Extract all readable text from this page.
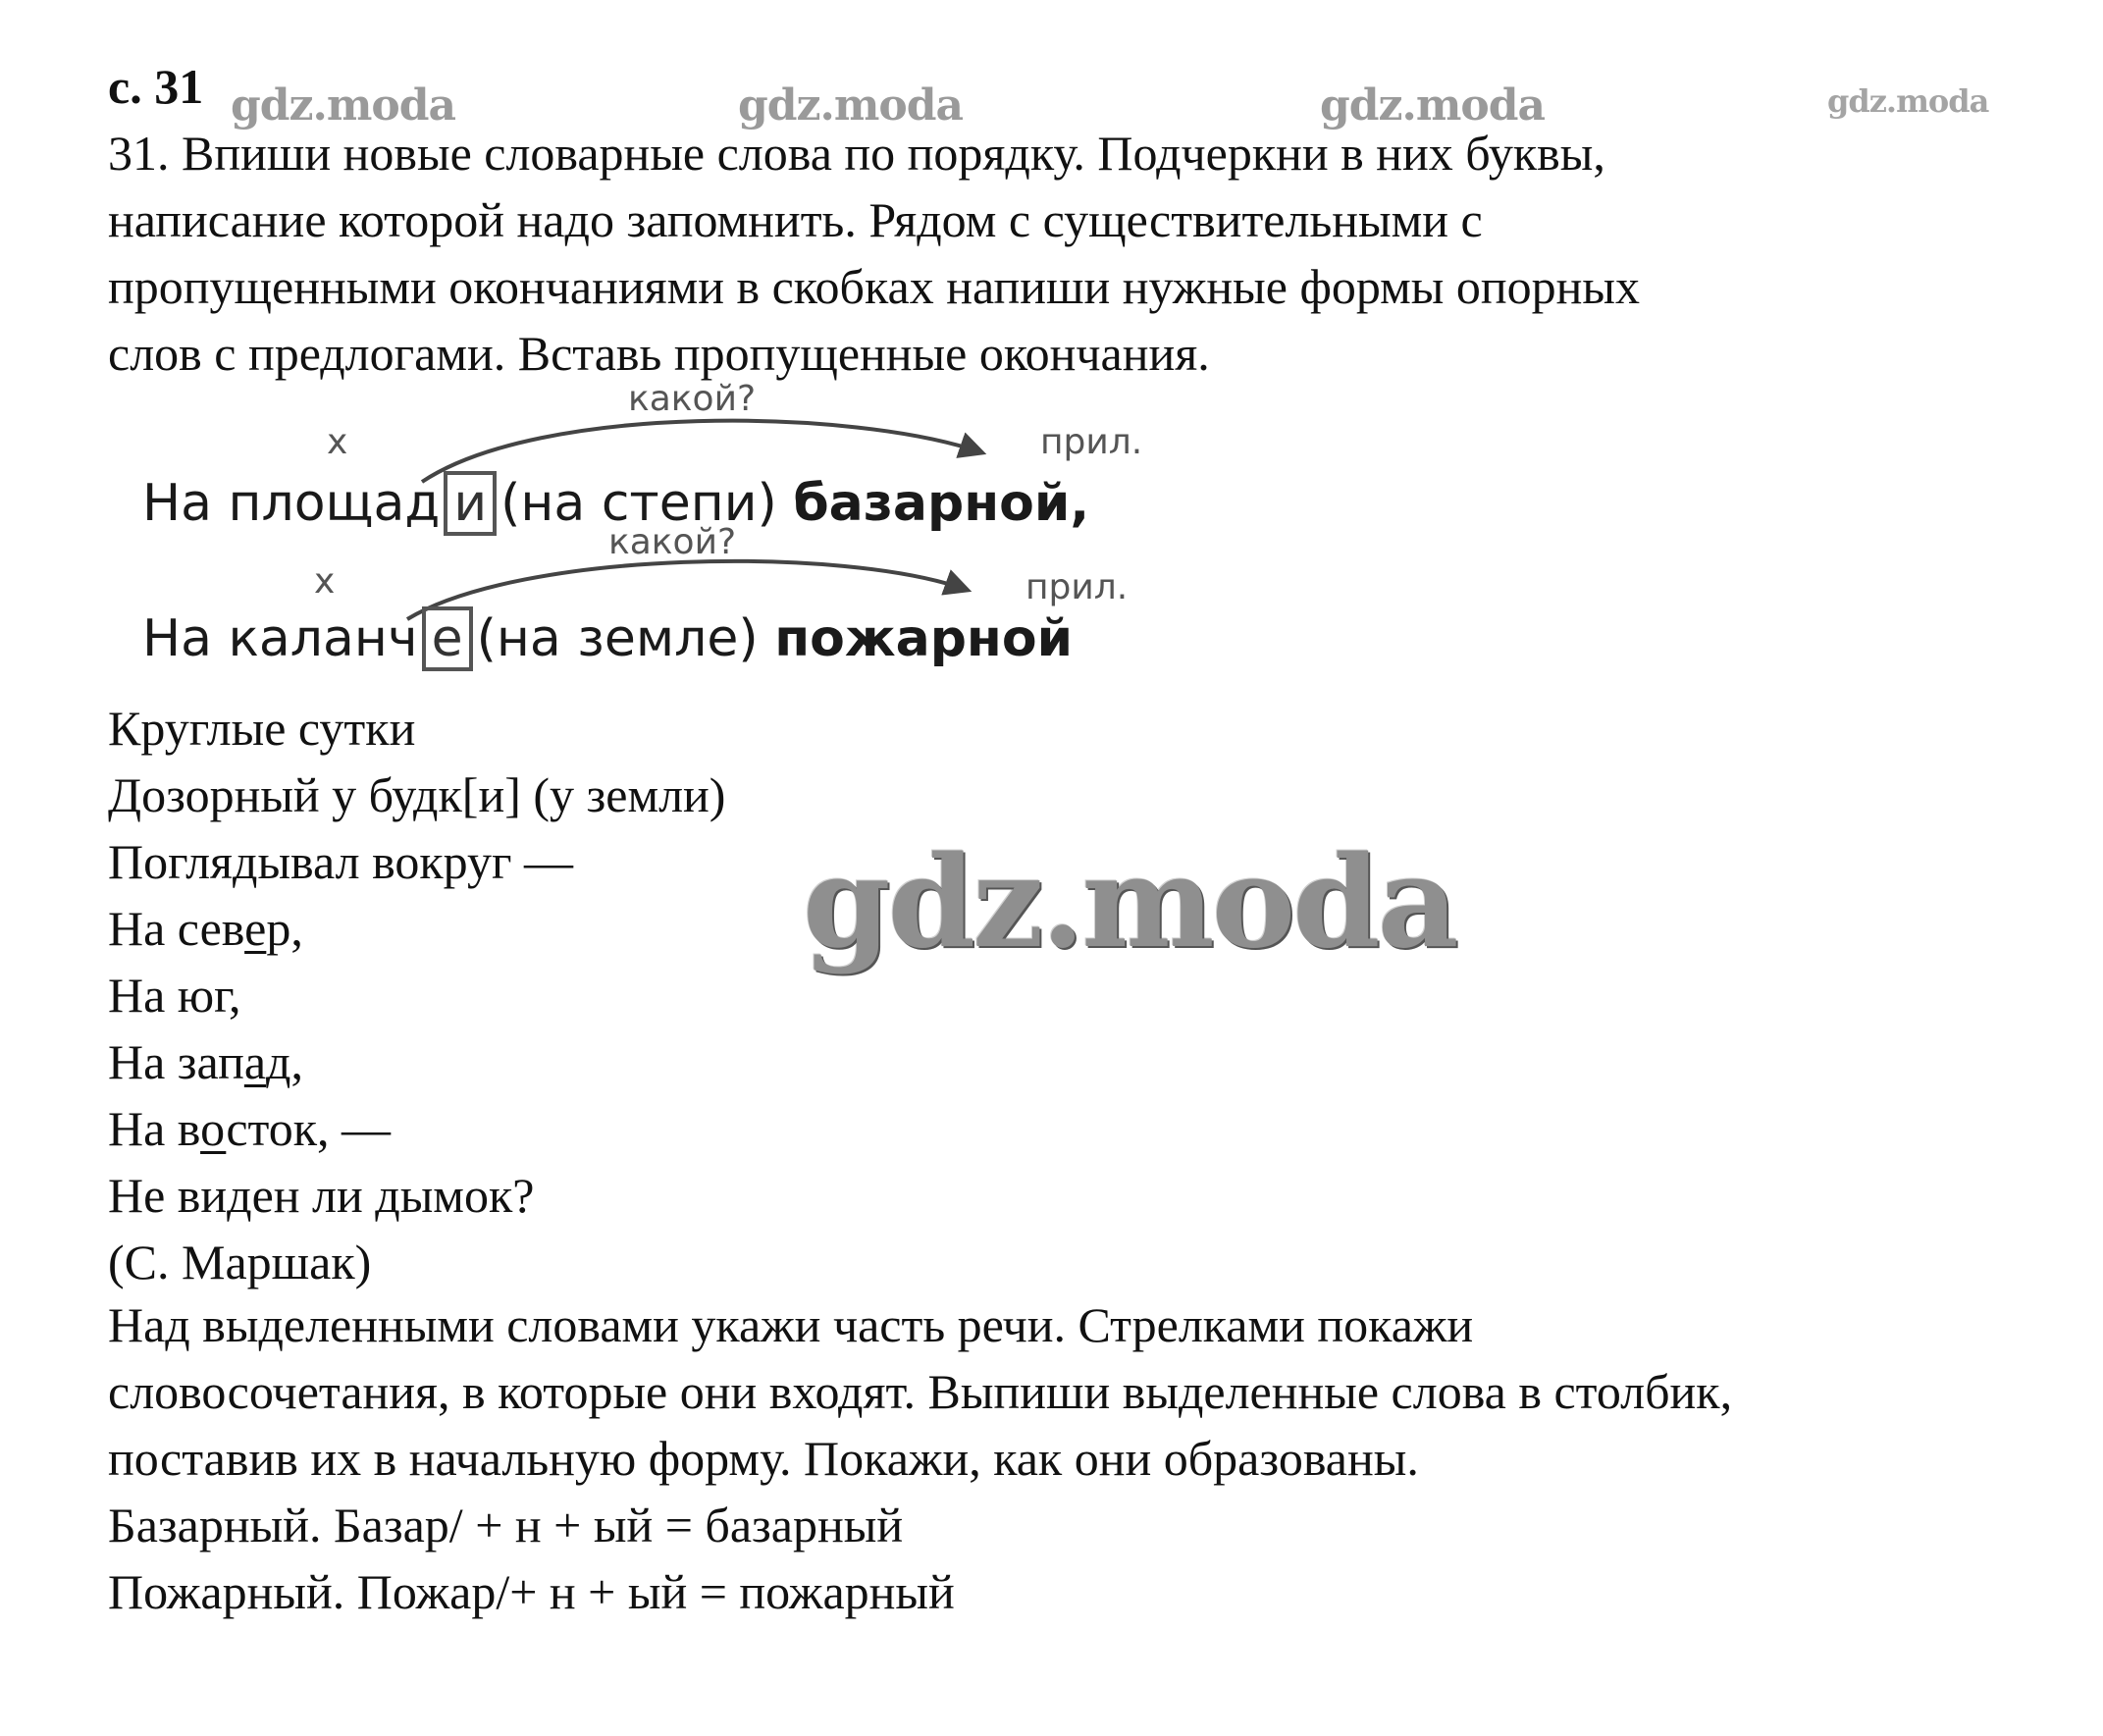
с. 31 gdz.moda	gdz.moda	gdz.moda	gdz.moda

31. Впиши новые словарные слова по порядку. Подчеркни в них буквы,

написание которой надо запомнить. Рядом с существительными с

пропущенными окончаниями в скобках напиши нужные формы опорных

слов с предлогами. Вставь пропущенные окончания.

какой?
какой?
х
х
прил.
прил.
На площад и (на степи) базарной,
На каланч е (на земле) пожарной
Круглые сутки
Дозорный у будк[и] (у земли)
Поглядывал вокруг —
На север,
На юг,
На запад,
На восток, —
Не виден ли дымок?
(С. Маршак)
gdz.moda
Над выделенными словами укажи часть речи. Стрелками покажи
словосочетания, в которые они входят. Выпиши выделенные слова в столбик,
поставив их в начальную форму. Покажи, как они образованы.
Базарный. Базар/ + н + ый = базарный
Пожарный. Пожар/+ н + ый = пожарный
